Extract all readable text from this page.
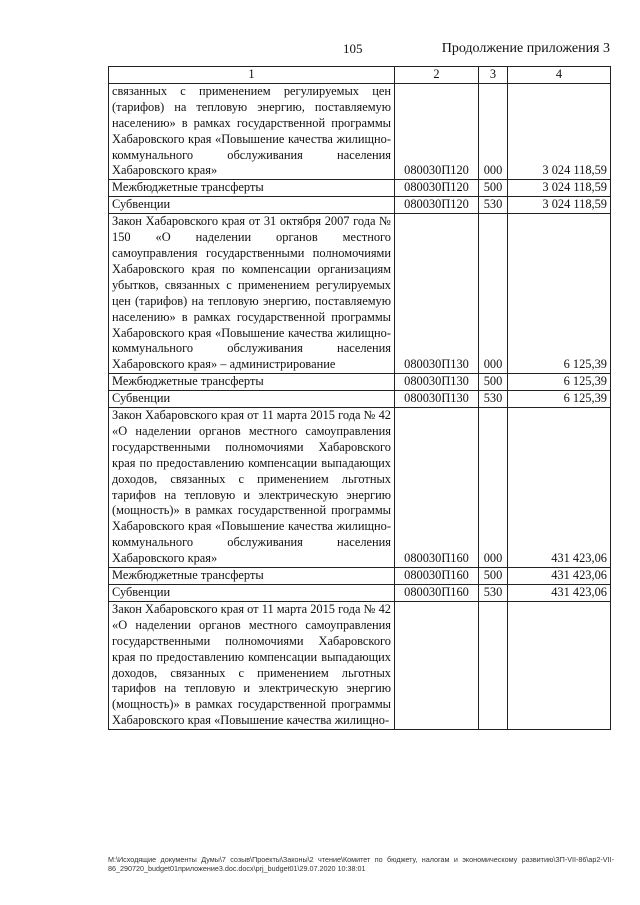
105	Продолжение приложения 3
1	2	3	4
связанных с применением регулируемых цен (тарифов) на тепловую энергию, поставляемую населению» в рамках государственной программы Хабаровского края «Повышение качества жилищно-коммунального обслуживания населения Хабаровского края»	080030П120	000	3 024 118,59
Межбюджетные трансферты	080030П120	500	3 024 118,59
Субвенции	080030П120	530	3 024 118,59
Закон Хабаровского края от 31 октября 2007 года № 150 «О наделении органов местного самоуправления государственными полномочиями Хабаровского края по компенсации организациям убытков, связанных с применением регулируемых цен (тарифов) на тепловую энергию, поставляемую населению» в рамках государственной программы Хабаровского края «Повышение качества жилищно-коммунального обслуживания населения Хабаровского края» – администрирование	080030П130	000	6 125,39
Межбюджетные трансферты	080030П130	500	6 125,39
Субвенции	080030П130	530	6 125,39
Закон Хабаровского края от 11 марта 2015 года № 42 «О наделении органов местного самоуправления государственными полномочиями Хабаровского края по предоставлению компенсации выпадающих доходов, связанных с применением льготных тарифов на тепловую и электрическую энергию (мощность)» в рамках государственной программы Хабаровского края «Повышение качества жилищно-коммунального обслуживания населения Хабаровского края»	080030П160	000	431 423,06
Межбюджетные трансферты	080030П160	500	431 423,06
Субвенции	080030П160	530	431 423,06
Закон Хабаровского края от 11 марта 2015 года № 42 «О наделении органов местного самоуправления государственными полномочиями Хабаровского края по предоставлению компенсации выпадающих доходов, связанных с применением льготных тарифов на тепловую и электрическую энергию (мощность)» в рамках государственной программы Хабаровского края «Повышение качества жилищно-			
M:\Исходящие документы Думы\7 созыв\Проекты\Законы\2 чтение\Комитет по бюджету, налогам и экономическому развитию\ЗП-VII-86\ap2-VII-86_290720_budget01приложение3.doc.docx\prj_budget01\29.07.2020 10:38:01
